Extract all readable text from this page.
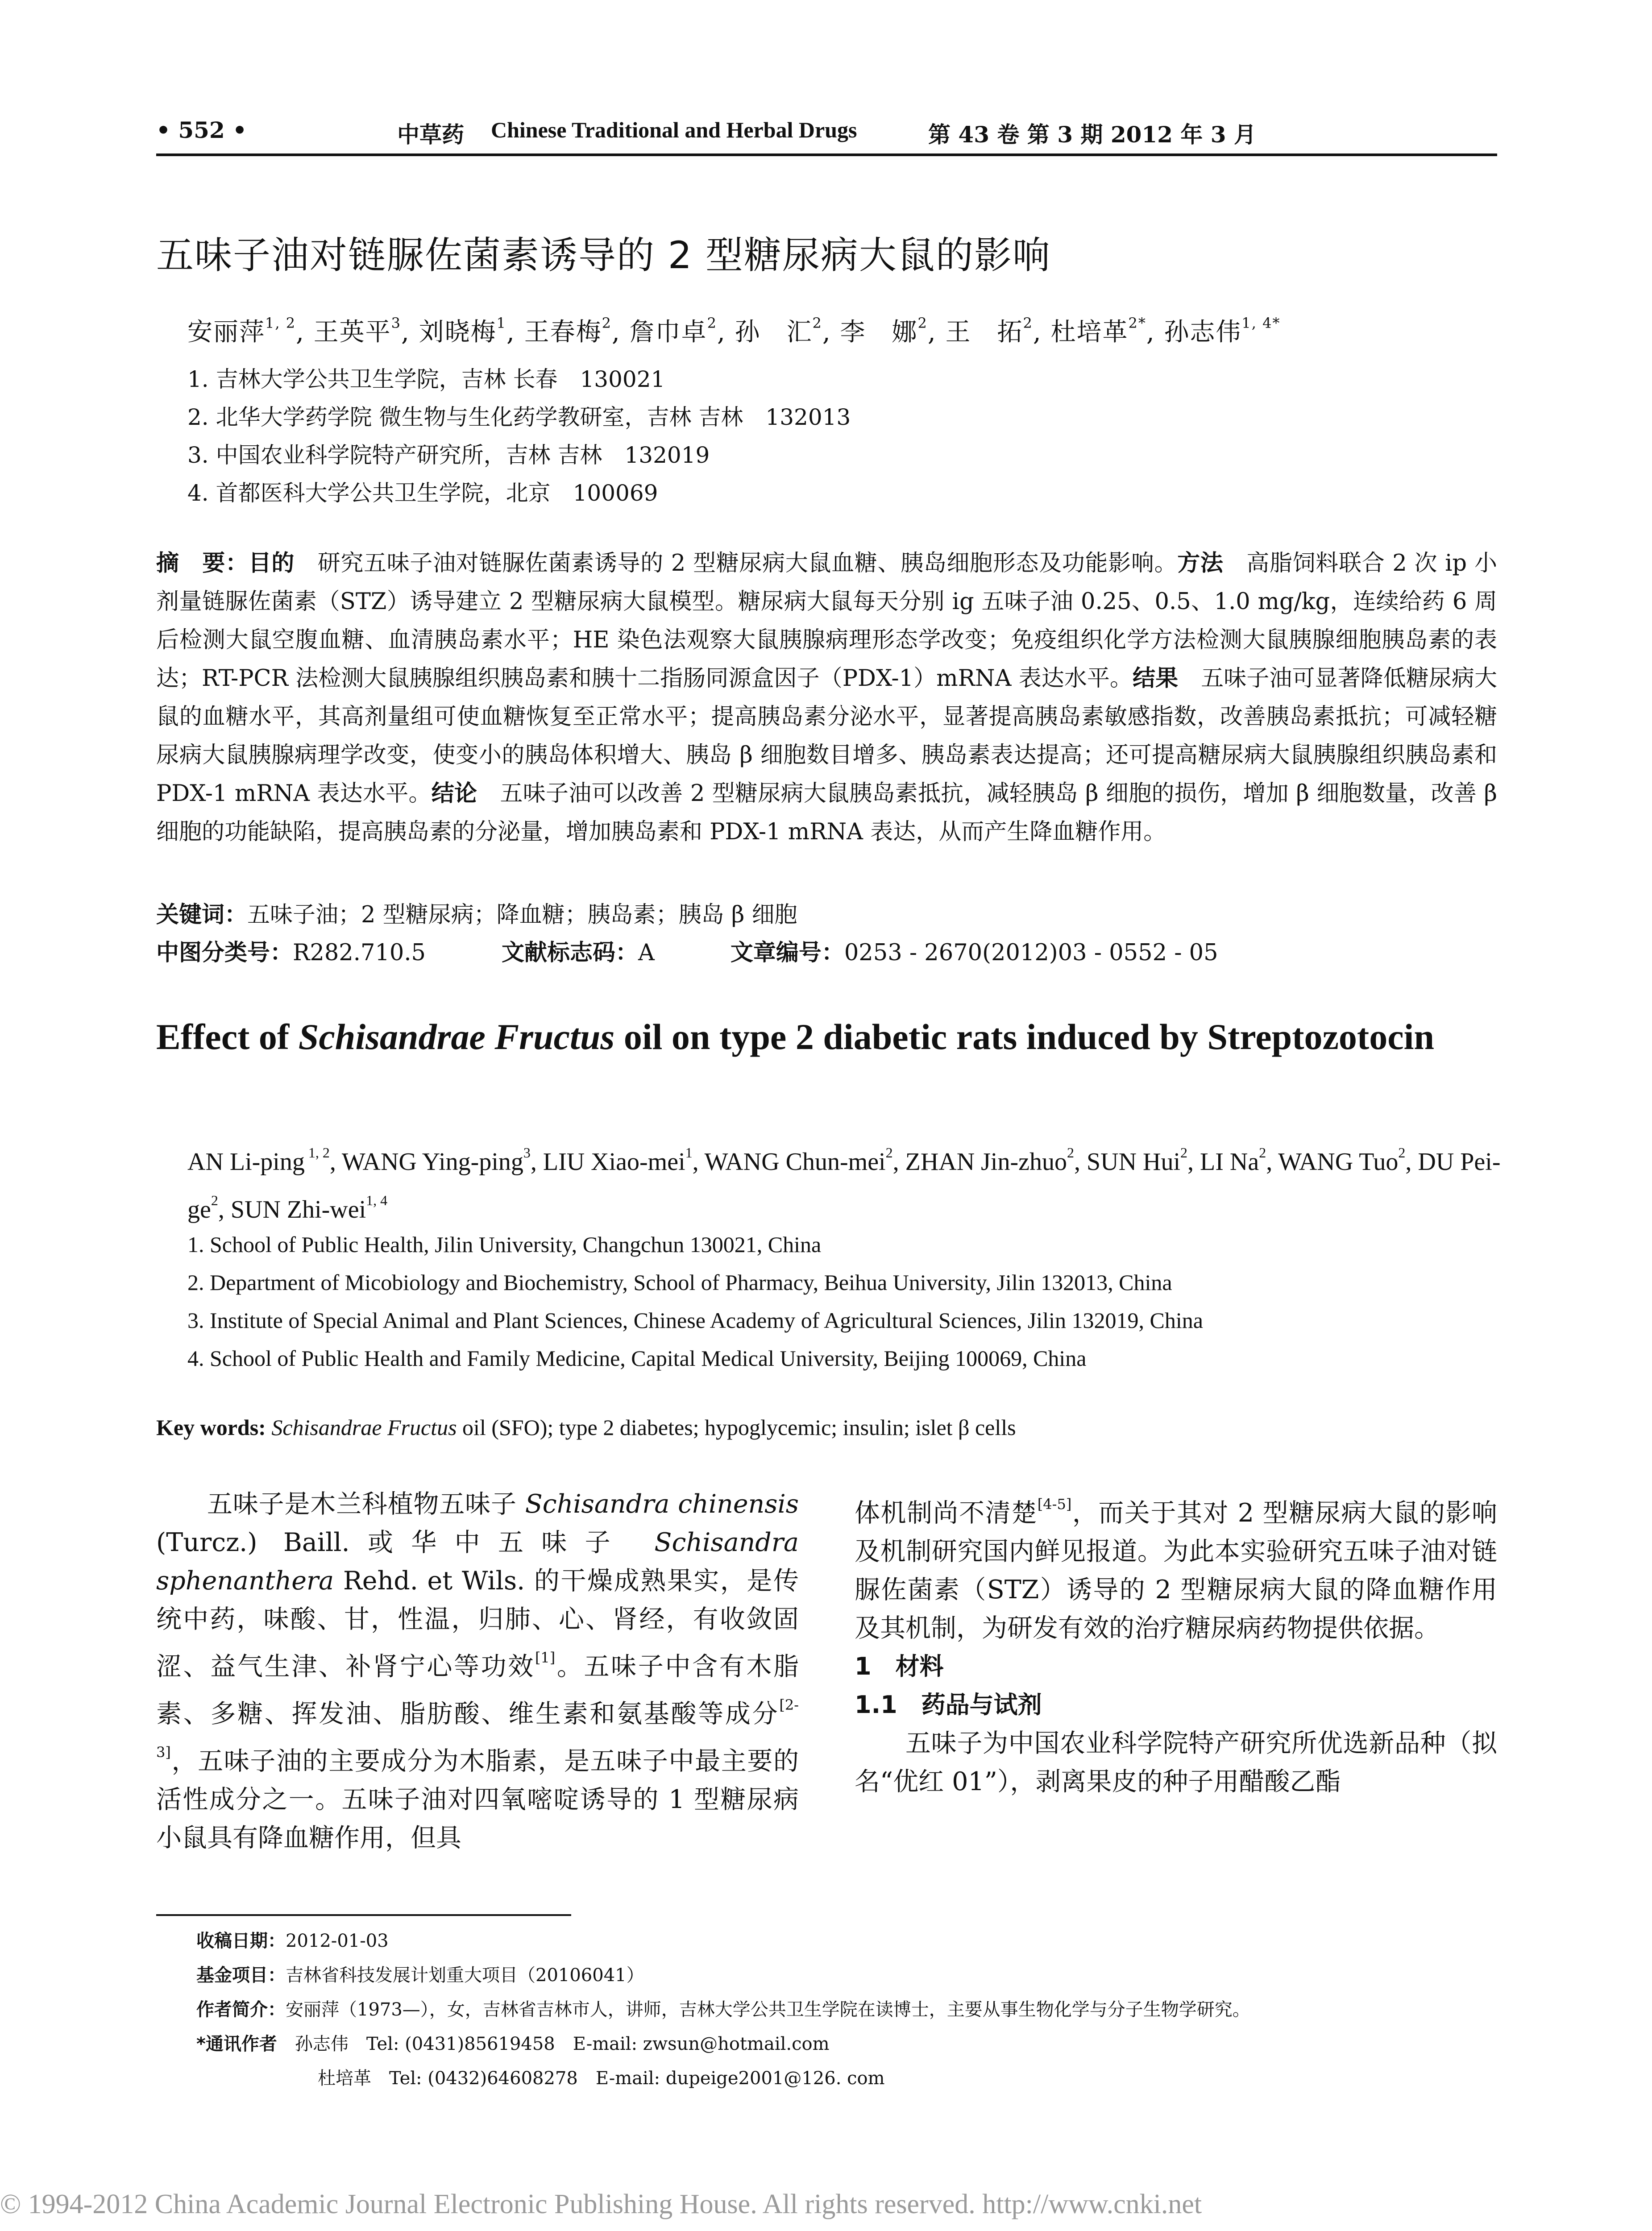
• 552 •	中草药 Chinese Traditional and Herbal Drugs	第 43 卷 第 3 期 2012 年 3 月
五味子油对链脲佐菌素诱导的 2 型糖尿病大鼠的影响
安丽萍$^{1, 2}$, 王英平$^3$, 刘晓梅$^1$, 王春梅$^2$, 詹巾卓$^2$, 孙　汇$^2$, 李　娜$^2$, 王　拓$^2$, 杜培革$^{2*}$, 孙志伟$^{1, 4*}$
1. 吉林大学公共卫生学院，吉林 长春　130021
2. 北华大学药学院 微生物与生化药学教研室，吉林 吉林　132013
3. 中国农业科学院特产研究所，吉林 吉林　132019
4. 首都医科大学公共卫生学院，北京　100069
摘　要：目的　研究五味子油对链脲佐菌素诱导的 2 型糖尿病大鼠血糖、胰岛细胞形态及功能影响。方法　高脂饲料联合 2 次 ip 小剂量链脲佐菌素（STZ）诱导建立 2 型糖尿病大鼠模型。糖尿病大鼠每天分别 ig 五味子油 0.25、0.5、1.0 mg/kg，连续给药 6 周后检测大鼠空腹血糖、血清胰岛素水平；HE 染色法观察大鼠胰腺病理形态学改变；免疫组织化学方法检测大鼠胰腺细胞胰岛素的表达；RT-PCR 法检测大鼠胰腺组织胰岛素和胰十二指肠同源盒因子（PDX-1）mRNA 表达水平。结果　五味子油可显著降低糖尿病大鼠的血糖水平，其高剂量组可使血糖恢复至正常水平；提高胰岛素分泌水平，显著提高胰岛素敏感指数，改善胰岛素抵抗；可减轻糖尿病大鼠胰腺病理学改变，使变小的胰岛体积增大、胰岛 β 细胞数目增多、胰岛素表达提高；还可提高糖尿病大鼠胰腺组织胰岛素和 PDX-1 mRNA 表达水平。结论　五味子油可以改善 2 型糖尿病大鼠胰岛素抵抗，减轻胰岛 β 细胞的损伤，增加 β 细胞数量，改善 β 细胞的功能缺陷，提高胰岛素的分泌量，增加胰岛素和 PDX-1 mRNA 表达，从而产生降血糖作用。
关键词：五味子油；2 型糖尿病；降血糖；胰岛素；胰岛 β 细胞
中图分类号：R282.710.5	文献标志码：A	文章编号：0253 - 2670(2012)03 - 0552 - 05
Effect of Schisandrae Fructus oil on type 2 diabetic rats induced by Streptozotocin
AN Li-ping $^{1, 2}$, WANG Ying-ping$^3$, LIU Xiao-mei$^1$, WANG Chun-mei$^2$, ZHAN Jin-zhuo$^2$, SUN Hui$^2$, LI Na$^2$, WANG Tuo$^2$, DU Pei-$ge^2$, SUN Zhi-wei$^{1, 4}$
1. School of Public Health, Jilin University, Changchun 130021, China
2. Department of Micobiology and Biochemistry, School of Pharmacy, Beihua University, Jilin 132013, China
3. Institute of Special Animal and Plant Sciences, Chinese Academy of Agricultural Sciences, Jilin 132019, China
4. School of Public Health and Family Medicine, Capital Medical University, Beijing 100069, China
Key words: Schisandrae Fructus oil (SFO); type 2 diabetes; hypoglycemic; insulin; islet β cells
五味子是木兰科植物五味子 Schisandra chinensis (Turcz.) Baill.或华中五味子 Schisandra sphenanthera Rehd. et Wils. 的干燥成熟果实，是传统中药，味酸、甘，性温，归肺、心、肾经，有收敛固涩、益气生津、补肾宁心等功效[1]。五味子中含有木脂素、多糖、挥发油、脂肪酸、维生素和氨基酸等成分[2-3]，五味子油的主要成分为木脂素，是五味子中最主要的活性成分之一。五味子油对四氧嘧啶诱导的 1 型糖尿病小鼠具有降血糖作用，但具
体机制尚不清楚[4-5]，而关于其对 2 型糖尿病大鼠的影响及机制研究国内鲜见报道。为此本实验研究五味子油对链脲佐菌素（STZ）诱导的 2 型糖尿病大鼠的降血糖作用及其机制，为研发有效的治疗糖尿病药物提供依据。
1　材料
1.1　药品与试剂
五味子为中国农业科学院特产研究所优选新品种（拟名“优红 01”），剥离果皮的种子用醋酸乙酯
收稿日期：2012-01-03
基金项目：吉林省科技发展计划重大项目（20106041）
作者简介：安丽萍（1973—），女，吉林省吉林市人，讲师，吉林大学公共卫生学院在读博士，主要从事生物化学与分子生物学研究。
*通讯作者　 孙志伟　Tel: (0431)85619458　E-mail: zwsun@hotmail.com
杜培革　Tel: (0432)64608278　E-mail: dupeige2001@126. com
© 1994-2012 China Academic Journal Electronic Publishing House. All rights reserved. http://www.cnki.net
